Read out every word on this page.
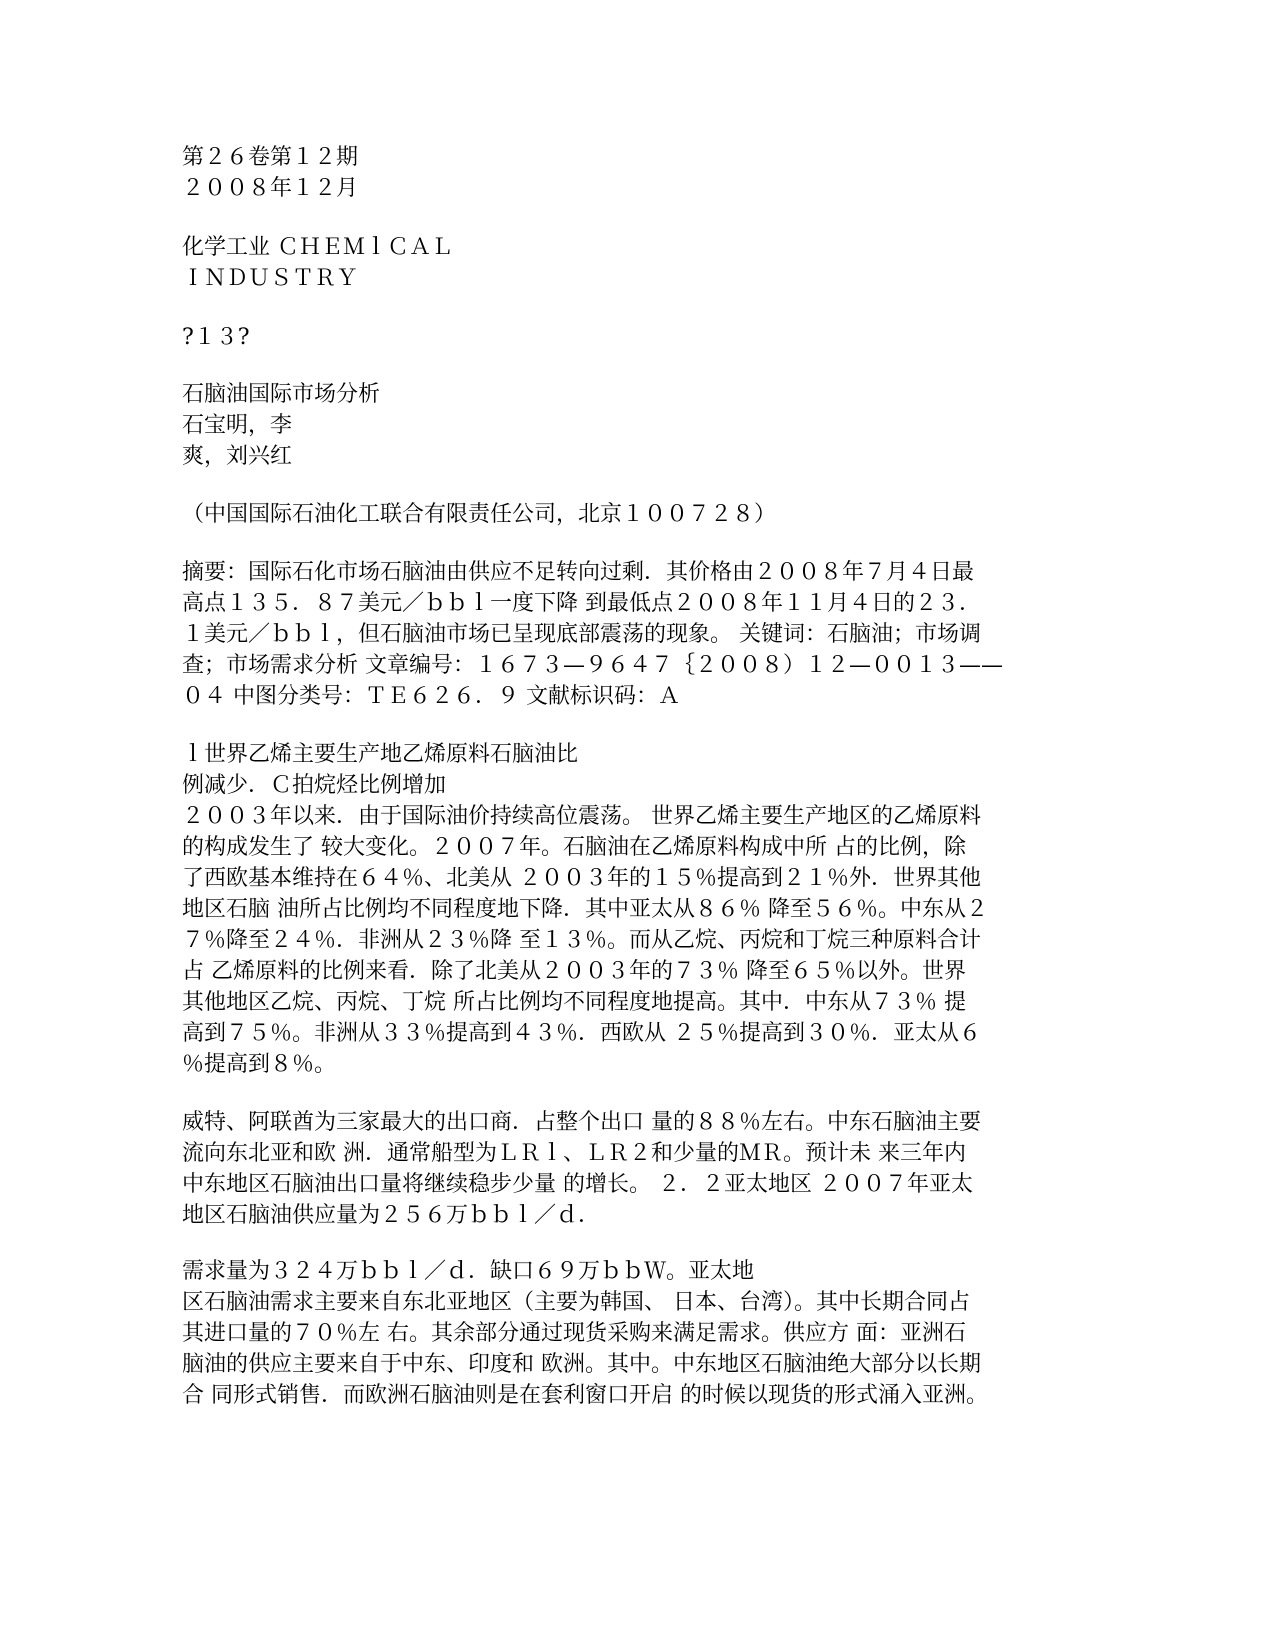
第２６卷第１２期
２００８年１２月
化学工业 ＣＨＥＭｌＣＡＬ
ＩＮＤＵＳＴＲＹ
?１３?
石脑油国际市场分析
石宝明，李
爽，刘兴红
（中国国际石油化工联合有限责任公司，北京１００７２８）
摘要：国际石化市场石脑油由供应不足转向过剩．其价格由２００８年７月４日最
高点１３５．８７美元／ｂｂｌ一度下降 到最低点２００８年１１月４日的２３．
１美元／ｂｂｌ，但石脑油市场已呈现底部震荡的现象。 关键词：石脑油；市场调
查；市场需求分析 文章编号：１６７３—９６４７｛２００８）１２—００１３——
０４ 中图分类号：ＴＥ６２６．９ 文献标识码：Ａ
ｌ世界乙烯主要生产地乙烯原料石脑油比
例减少．Ｃ拍烷烃比例增加
２００３年以来．由于国际油价持续高位震荡。 世界乙烯主要生产地区的乙烯原料
的构成发生了 较大变化。２００７年。石脑油在乙烯原料构成中所 占的比例，除
了西欧基本维持在６４％、北美从 ２００３年的１５％提高到２１％外．世界其他
地区石脑 油所占比例均不同程度地下降．其中亚太从８６％ 降至５６％。中东从２
７％降至２４％．非洲从２３％降 至１３％。而从乙烷、丙烷和丁烷三种原料合计
占 乙烯原料的比例来看．除了北美从２００３年的７３％ 降至６５％以外。世界
其他地区乙烷、丙烷、丁烷 所占比例均不同程度地提高。其中．中东从７３％ 提
高到７５％。非洲从３３％提高到４３％．西欧从 ２５％提高到３０％．亚太从６
％提高到８％。
威特、阿联酋为三家最大的出口商．占整个出口 量的８８％左右。中东石脑油主要
流向东北亚和欧 洲．通常船型为ＬＲｌ、ＬＲ２和少量的ＭＲ。预计未 来三年内
中东地区石脑油出口量将继续稳步少量 的增长。 ２．２亚太地区 ２００７年亚太
地区石脑油供应量为２５６万ｂｂｌ／ｄ．
需求量为３２４万ｂｂｌ／ｄ．缺口６９万ｂｂＷ。亚太地
区石脑油需求主要来自东北亚地区（主要为韩国、 日本、台湾）。其中长期合同占
其进口量的７０％左 右。其余部分通过现货采购来满足需求。供应方 面：亚洲石
脑油的供应主要来自于中东、印度和 欧洲。其中。中东地区石脑油绝大部分以长期
合 同形式销售．而欧洲石脑油则是在套利窗口开启 的时候以现货的形式涌入亚洲。
